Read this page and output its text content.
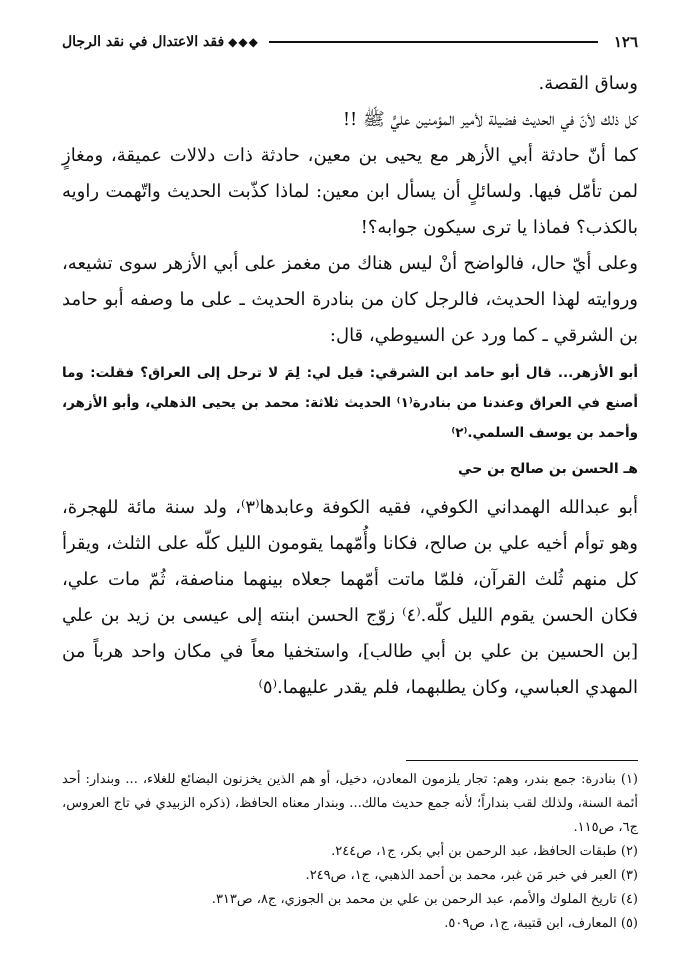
١٢٦
◆◆◆
فقد الاعتدال في نقد الرجال

وساق القصة.

كل ذلك لأنّ في الحديث فضيلة لأمير المؤمنين عليٍّ ﷺ !!

كما أنّ حادثة أبي الأزهر مع يحيى بن معين، حادثة ذات دلالات عميقة، ومغازٍ لمن تأمّل فيها. ولسائلٍ أن يسأل ابن معين: لماذا كذّبت الحديث واتّهمت راويه بالكذب؟ فماذا يا ترى سيكون جوابه؟!

وعلى أيّ حال، فالواضح أنْ ليس هناك من مغمز على أبي الأزهر سوى تشيعه، وروايته لهذا الحديث، فالرجل كان من بنادرة الحديث ـ على ما وصفه أبو حامد بن الشرقي ـ كما ورد عن السيوطي، قال:

أبو الأزهر... قال أبو حامد ابن الشرقي: قيل لي: لِمَ لا ترحل إلى العراق؟ فقلت: وما أصنع في العراق وعندنا من بنادرة⁽١⁾ الحديث ثلاثة: محمد بن يحيى الذهلي، وأبو الأزهر، وأحمد بن يوسف السلمي.⁽٢⁾

هـ الحسن بن صالح بن حي

أبو عبدالله الهمداني الكوفي، فقيه الكوفة وعابدها⁽٣⁾، ولد سنة مائة للهجرة، وهو توأم أخيه علي بن صالح، فكانا وأُمّهما يقومون الليل كلّه على الثلث، ويقرأ كل منهم ثُلث القرآن، فلمّا ماتت أمّهما جعلاه بينهما مناصفة، ثُمّ مات علي، فكان الحسن يقوم الليل كلّه.⁽٤⁾ زوّج الحسن ابنته إلى عيسى بن زيد بن علي [بن الحسين بن علي بن أبي طالب]، واستخفيا معاً في مكان واحد هرباً من المهدي العباسي، وكان يطلبهما، فلم يقدر عليهما.⁽٥⁾

(١) بنادرة: جمع بندر، وهم: تجار يلزمون المعادن، دخيل، أو هم الذين يخزنون البضائع للغلاء، ... وبندار: أحد أئمة السنة، ولذلك لقب بنداراً؛ لأنه جمع حديث مالك... وبندار معناه الحافظ، (ذكره الزبيدي في تاج العروس، ج٦، ص١١٥.

(٢) طبقات الحافظ، عبد الرحمن بن أبي بكر، ج١، ص٢٤٤.

(٣) العبر في خبر مَن غبر، محمد بن أحمد الذهبي، ج١، ص٢٤٩.

(٤) تاريخ الملوك والأمم، عبد الرحمن بن علي بن محمد بن الجوزي، ج٨، ص٣١٣.

(٥) المعارف، ابن قتيبة، ج١، ص٥٠٩.
